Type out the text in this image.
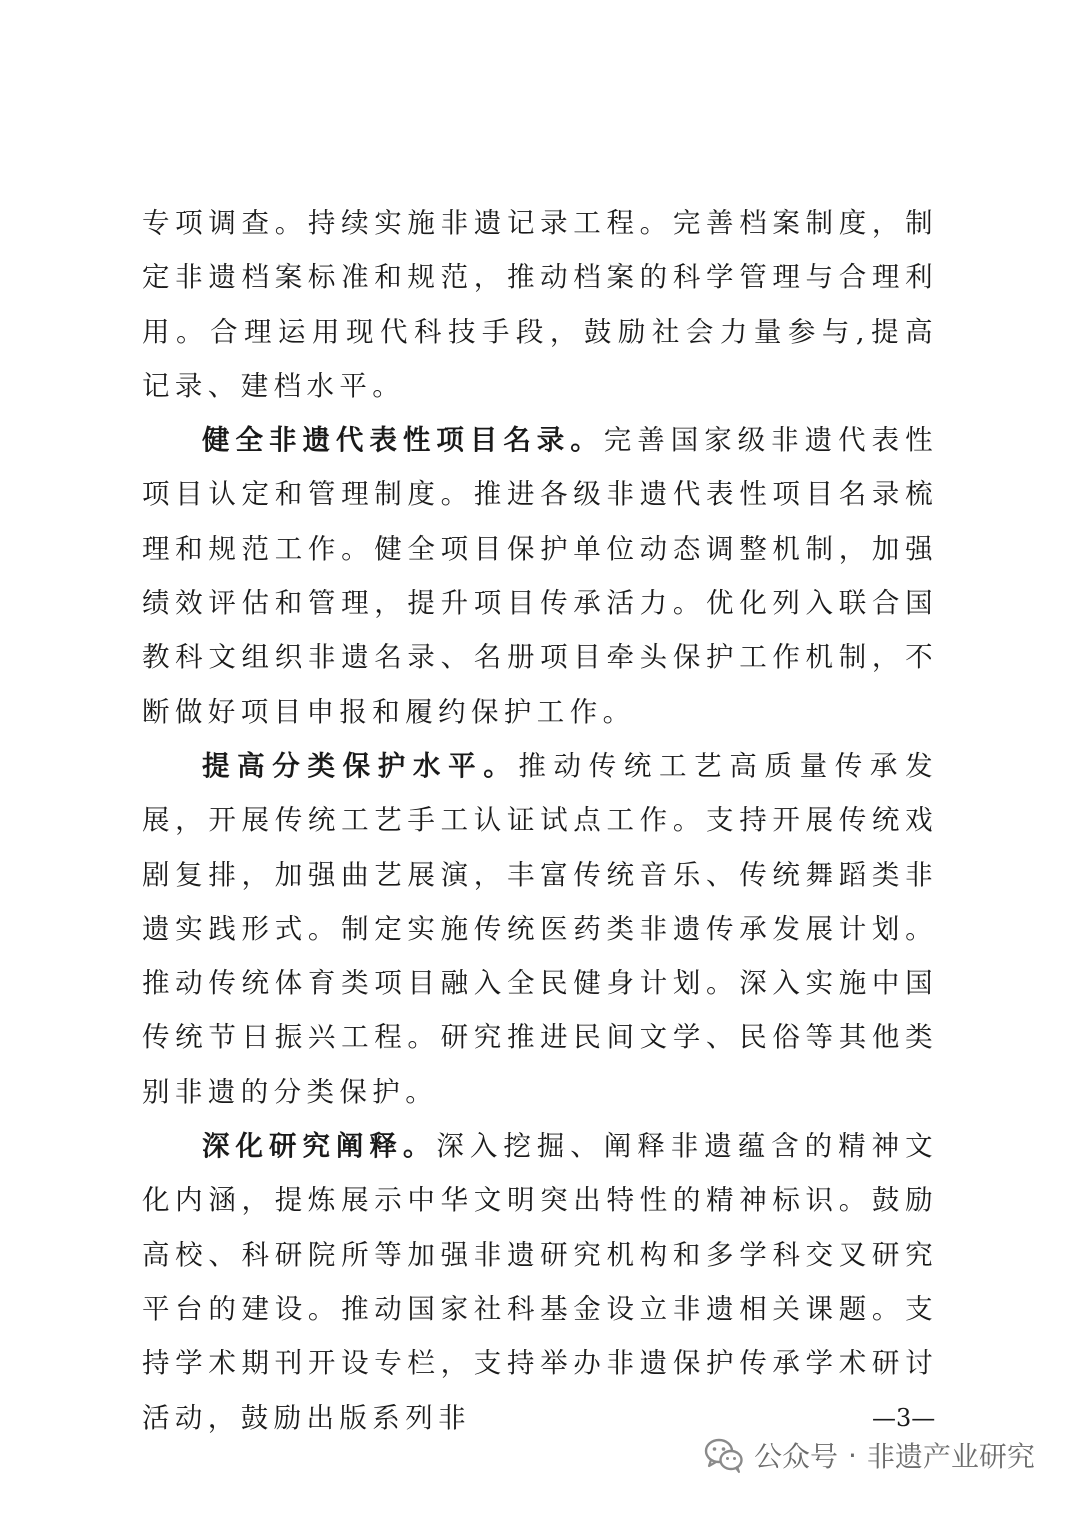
专项调查。持续实施非遗记录工程。完善档案制度，制定非遗档案标准和规范，推动档案的科学管理与合理利用。合理运用现代科技手段，鼓励社会力量参与,提高记录、建档水平。

健全非遗代表性项目名录。完善国家级非遗代表性项目认定和管理制度。推进各级非遗代表性项目名录梳理和规范工作。健全项目保护单位动态调整机制，加强绩效评估和管理，提升项目传承活力。优化列入联合国教科文组织非遗名录、名册项目牵头保护工作机制，不断做好项目申报和履约保护工作。

提高分类保护水平。推动传统工艺高质量传承发展，开展传统工艺手工认证试点工作。支持开展传统戏剧复排，加强曲艺展演，丰富传统音乐、传统舞蹈类非遗实践形式。制定实施传统医药类非遗传承发展计划。推动传统体育类项目融入全民健身计划。深入实施中国传统节日振兴工程。研究推进民间文学、民俗等其他类别非遗的分类保护。

深化研究阐释。深入挖掘、阐释非遗蕴含的精神文化内涵，提炼展示中华文明突出特性的精神标识。鼓励高校、科研院所等加强非遗研究机构和多学科交叉研究平台的建设。推动国家社科基金设立非遗相关课题。支持学术期刊开设专栏，支持举办非遗保护传承学术研讨活动，鼓励出版系列非	—3—
公众号 · 非遗产业研究
